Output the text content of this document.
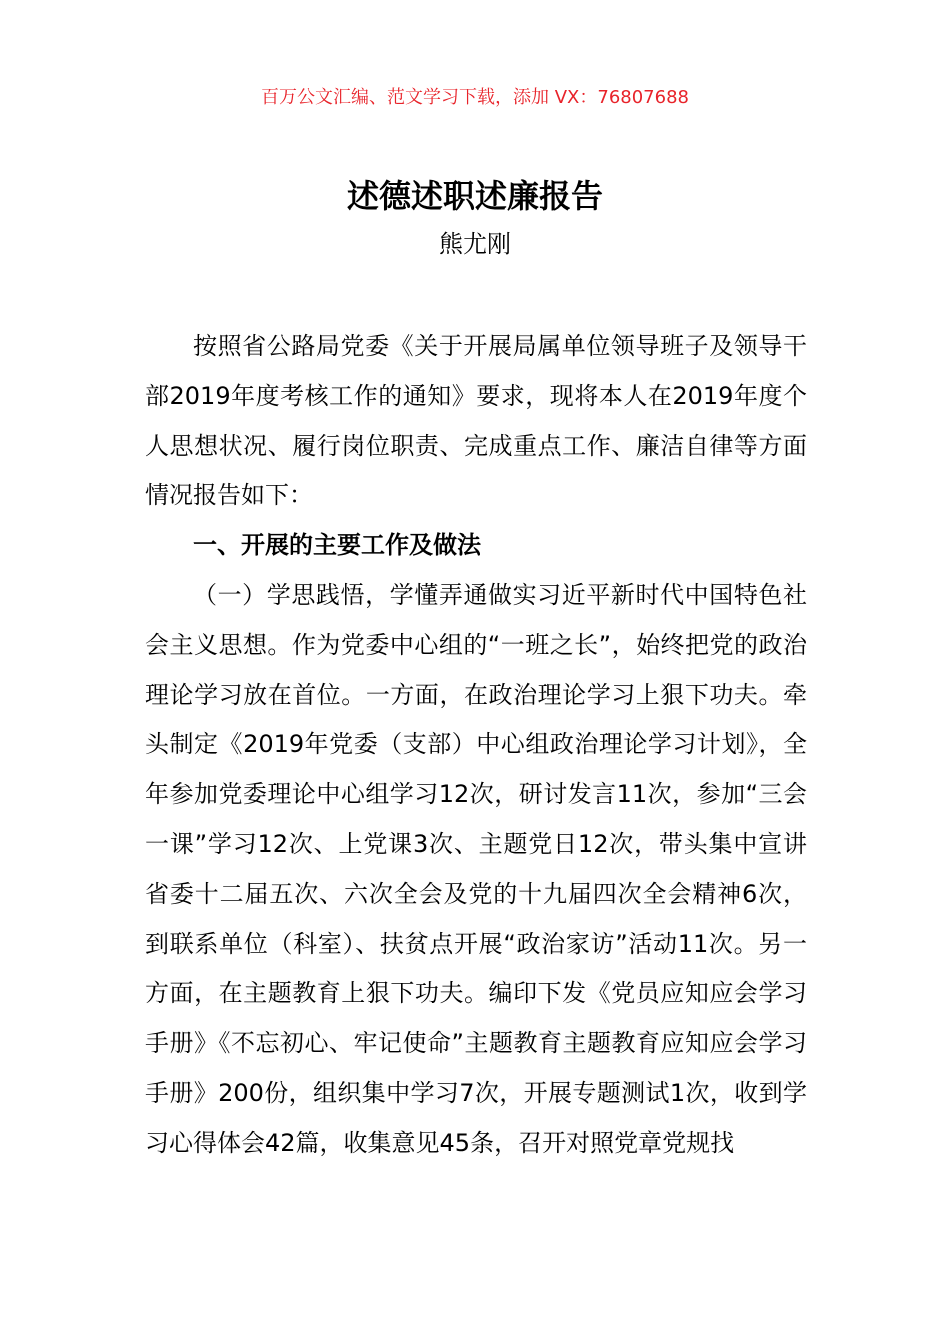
百万公文汇编、范文学习下载，添加 VX：76807688
述德述职述廉报告
熊尤刚

按照省公路局党委《关于开展局属单位领导班子及领导干部2019年度考核工作的通知》要求，现将本人在2019年度个人思想状况、履行岗位职责、完成重点工作、廉洁自律等方面情况报告如下：

一、开展的主要工作及做法

（一）学思践悟，学懂弄通做实习近平新时代中国特色社会主义思想。作为党委中心组的“一班之长”，始终把党的政治理论学习放在首位。一方面，在政治理论学习上狠下功夫。牵头制定《2019年党委（支部）中心组政治理论学习计划》，全年参加党委理论中心组学习12次，研讨发言11次，参加“三会一课”学习12次、上党课3次、主题党日12次，带头集中宣讲省委十二届五次、六次全会及党的十九届四次全会精神6次，到联系单位（科室）、扶贫点开展“政治家访”活动11次。另一方面，在主题教育上狠下功夫。编印下发《党员应知应会学习手册》《不忘初心、牢记使命”主题教育主题教育应知应会学习手册》200份，组织集中学习7次，开展专题测试1次，收到学习心得体会42篇，收集意见45条，召开对照党章党规找
